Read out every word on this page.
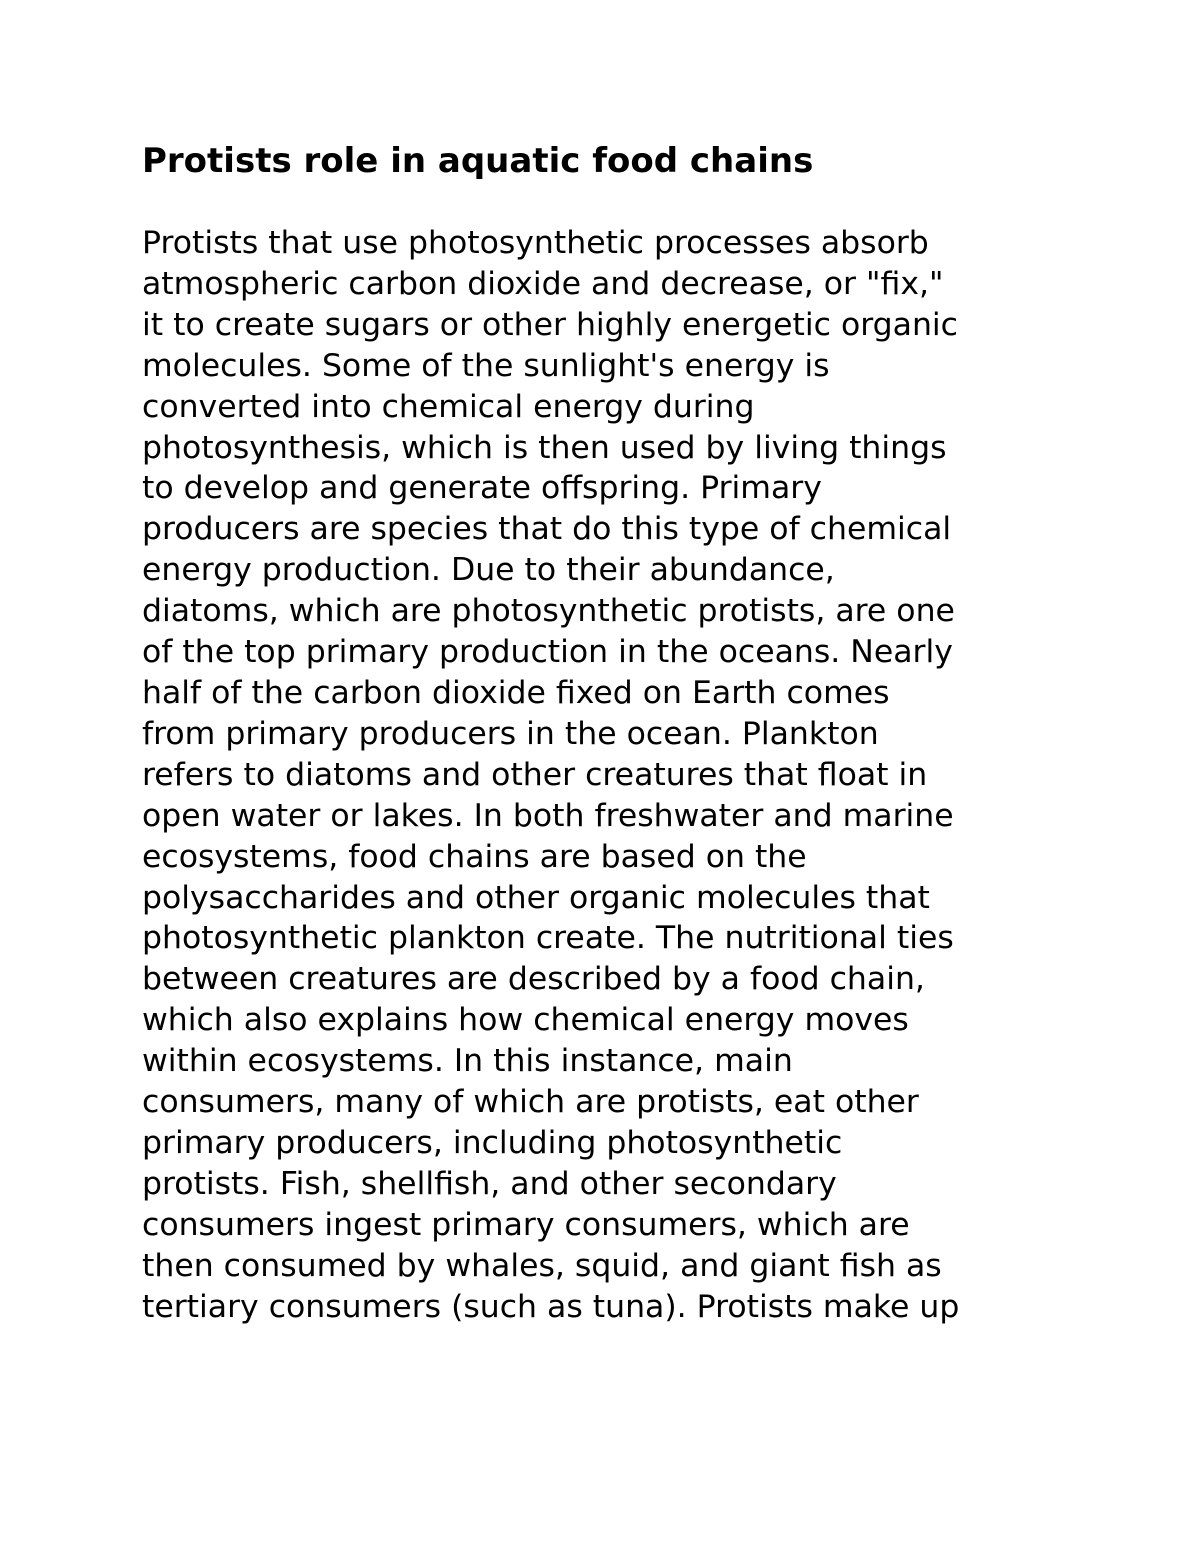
Protists role in aquatic food chains
Protists that use photosynthetic processes absorb
atmospheric carbon dioxide and decrease, or "fix,"
it to create sugars or other highly energetic organic
molecules. Some of the sunlight's energy is
converted into chemical energy during
photosynthesis, which is then used by living things
to develop and generate offspring. Primary
producers are species that do this type of chemical
energy production. Due to their abundance,
diatoms, which are photosynthetic protists, are one
of the top primary production in the oceans. Nearly
half of the carbon dioxide fixed on Earth comes
from primary producers in the ocean. Plankton
refers to diatoms and other creatures that float in
open water or lakes. In both freshwater and marine
ecosystems, food chains are based on the
polysaccharides and other organic molecules that
photosynthetic plankton create. The nutritional ties
between creatures are described by a food chain,
which also explains how chemical energy moves
within ecosystems. In this instance, main
consumers, many of which are protists, eat other
primary producers, including photosynthetic
protists. Fish, shellfish, and other secondary
consumers ingest primary consumers, which are
then consumed by whales, squid, and giant fish as
tertiary consumers (such as tuna). Protists make up
